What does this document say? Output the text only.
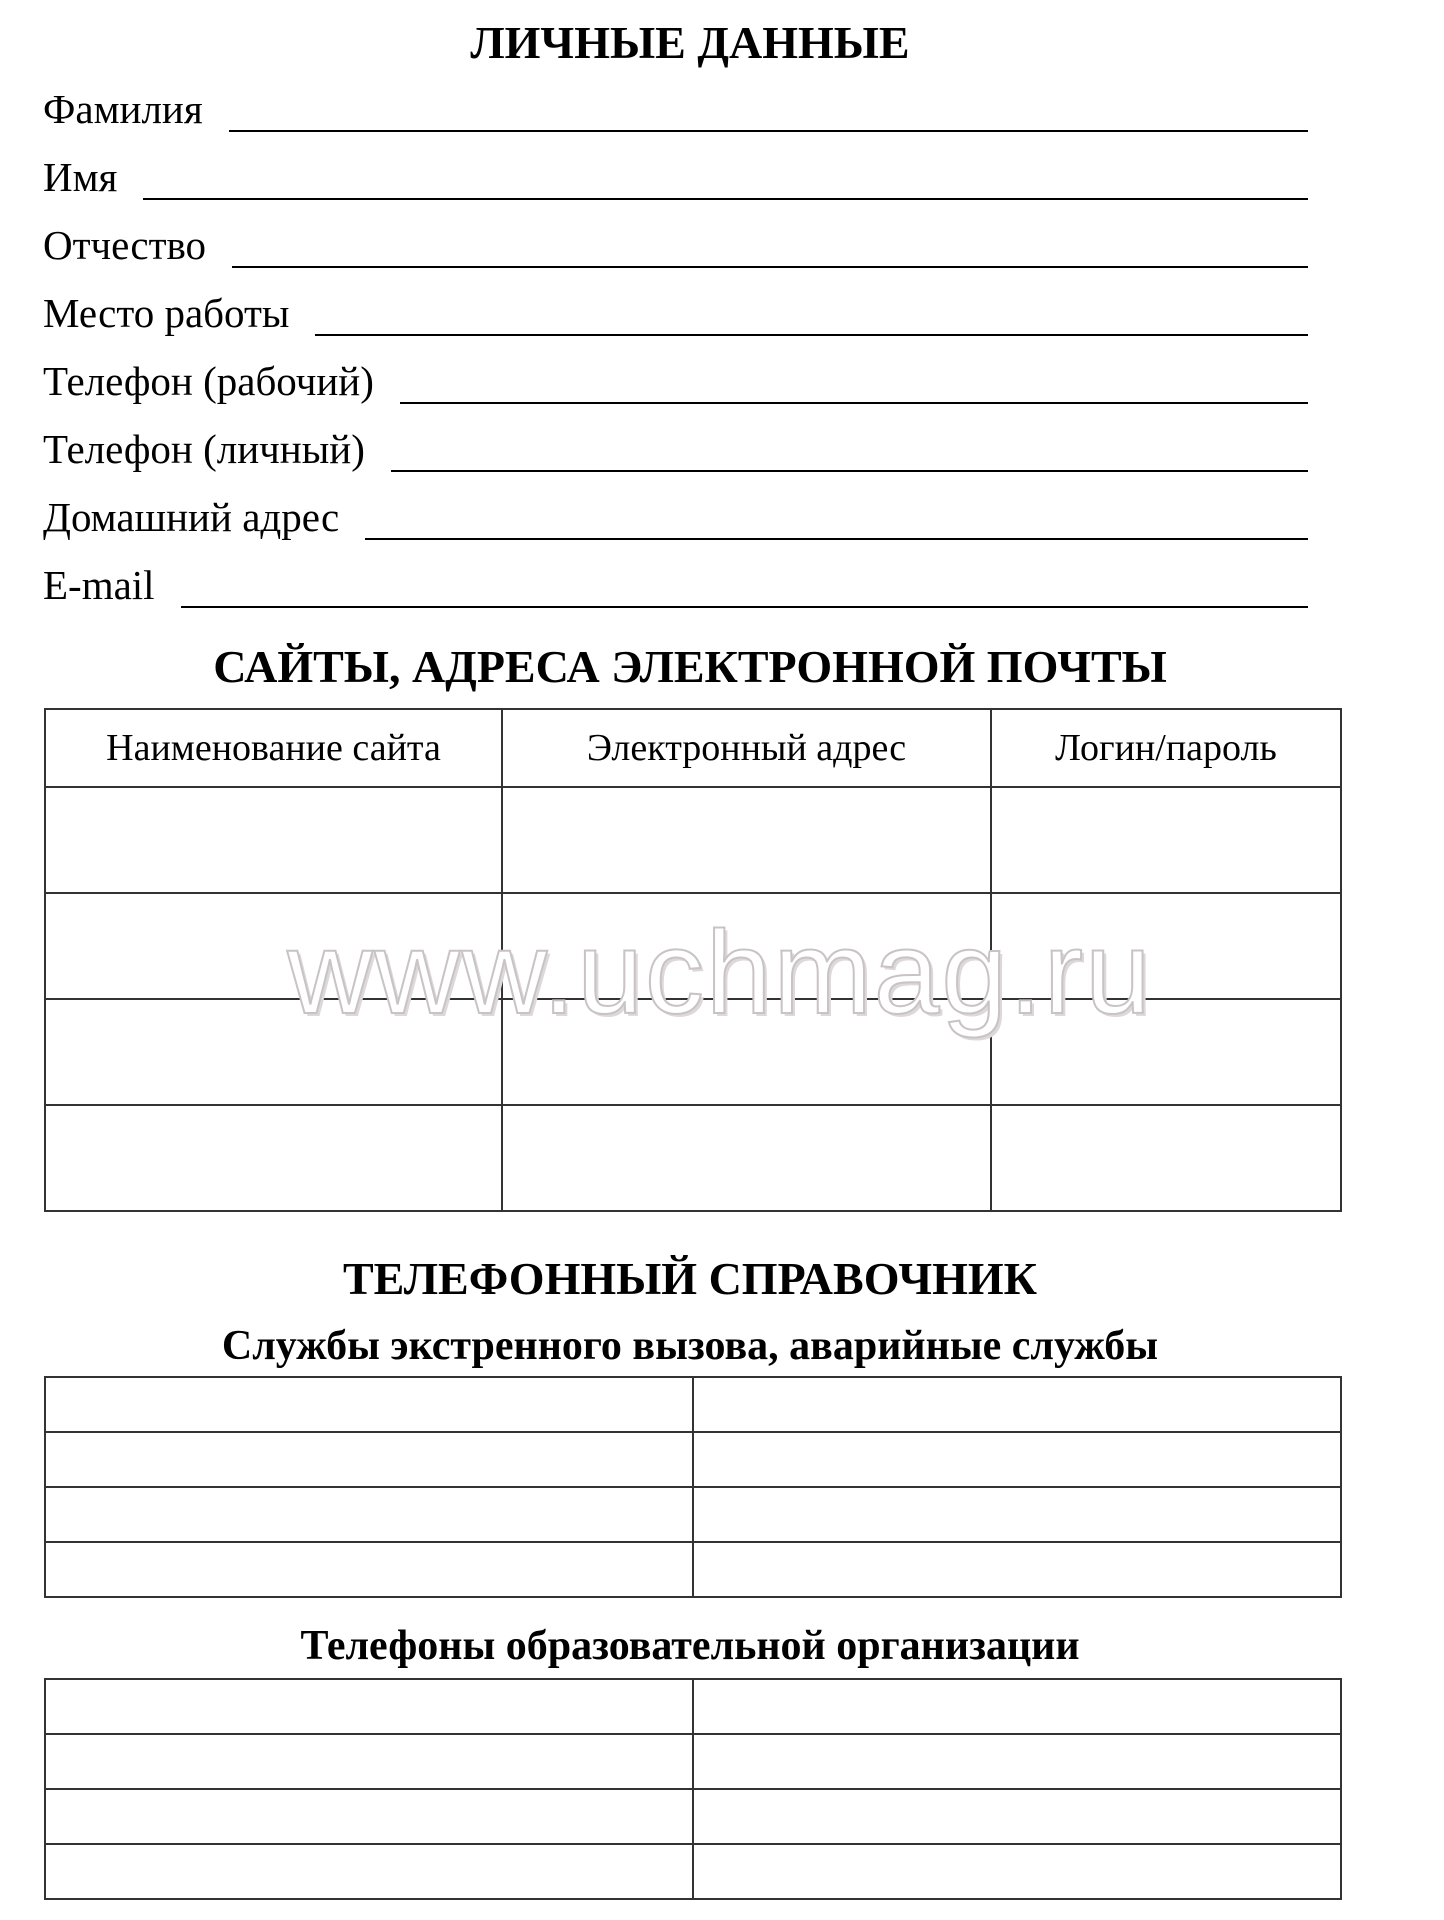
ЛИЧНЫЕ ДАННЫЕ
Фамилия
Имя
Отчество
Место работы
Телефон (рабочий)
Телефон (личный)
Домашний адрес
E-mail
САЙТЫ, АДРЕСА ЭЛЕКТРОННОЙ ПОЧТЫ
Наименование сайта	Электронный адрес	Логин/пароль

www.uchmag.ru
ТЕЛЕФОННЫЙ СПРАВОЧНИК
Службы экстренного вызова, аварийные службы

Телефоны образовательной организации
